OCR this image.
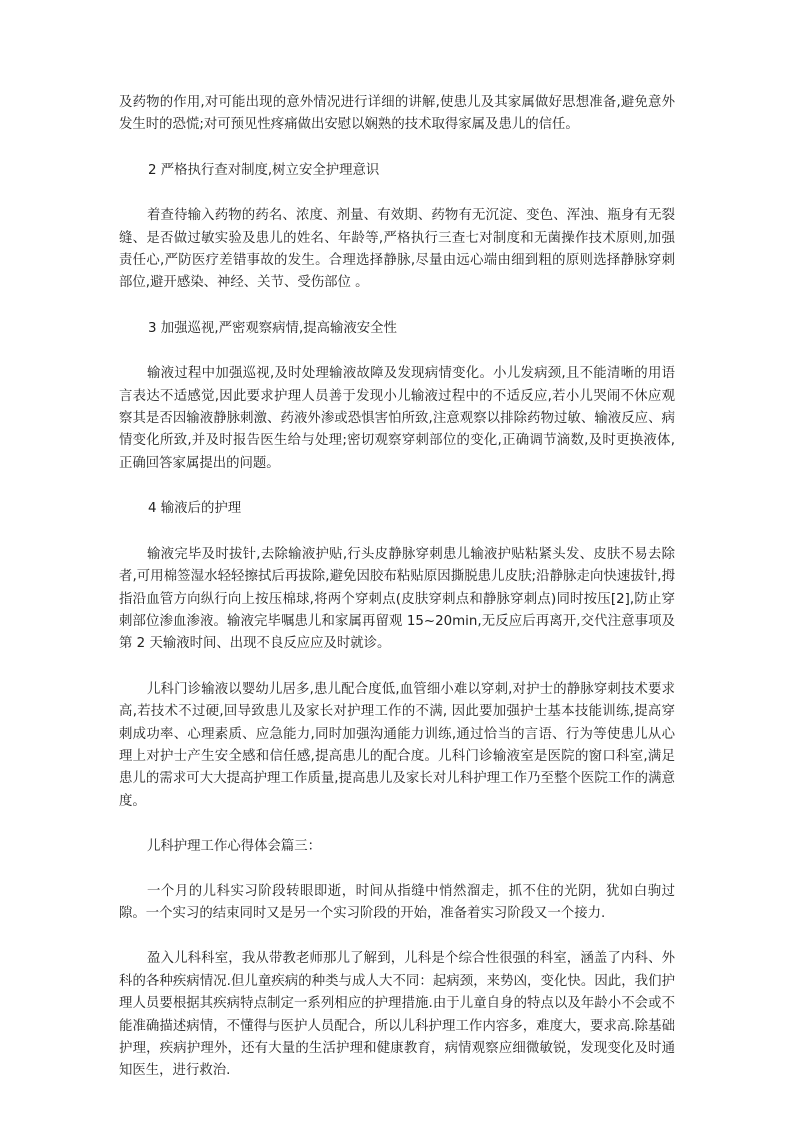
及药物的作用,对可能出现的意外情况进行详细的讲解,使患儿及其家属做好思想准备,避免意外发生时的恐慌;对可预见性疼痛做出安慰以娴熟的技术取得家属及患儿的信任。

2 严格执行查对制度,树立安全护理意识

着查待输入药物的药名、浓度、剂量、有效期、药物有无沉淀、变色、浑浊、瓶身有无裂缝、是否做过敏实验及患儿的姓名、年龄等,严格执行三查七对制度和无菌操作技术原则,加强责任心,严防医疗差错事故的发生。合理选择静脉,尽量由远心端由细到粗的原则选择静脉穿刺部位,避开感染、神经、关节、受伤部位 。

3 加强巡视,严密观察病情,提高输液安全性

输液过程中加强巡视,及时处理输液故障及发现病情变化。小儿发病颈,且不能清晰的用语言表达不适感觉,因此要求护理人员善于发现小儿输液过程中的不适反应,若小儿哭闹不休应观察其是否因输液静脉刺激、药液外渗或恐惧害怕所致,注意观察以排除药物过敏、输液反应、病情变化所致,并及时报告医生给与处理;密切观察穿刺部位的变化,正确调节滴数,及时更换液体,正确回答家属提出的问题。

4 输液后的护理

输液完毕及时拔针,去除输液护贴,行头皮静脉穿刺患儿输液护贴粘紧头发、皮肤不易去除者,可用棉签湿水轻轻擦拭后再拔除,避免因胶布粘贴原因撕脱患儿皮肤;沿静脉走向快速拔针,拇指沿血管方向纵行向上按压棉球,将两个穿刺点(皮肤穿刺点和静脉穿刺点)同时按压[2],防止穿刺部位渗血渗液。输液完毕嘱患儿和家属再留观 15~20min,无反应后再离开,交代注意事项及第 2 天输液时间、出现不良反应应及时就诊。

儿科门诊输液以婴幼儿居多,患儿配合度低,血管细小难以穿刺,对护士的静脉穿刺技术要求高,若技术不过硬,回导致患儿及家长对护理工作的不满, 因此要加强护士基本技能训练,提高穿刺成功率、心理素质、应急能力,同时加强沟通能力训练,通过恰当的言语、行为等使患儿从心理上对护士产生安全感和信任感,提高患儿的配合度。儿科门诊输液室是医院的窗口科室,满足患儿的需求可大大提高护理工作质量,提高患儿及家长对儿科护理工作乃至整个医院工作的满意度。

儿科护理工作心得体会篇三：

一个月的儿科实习阶段转眼即逝，时间从指缝中悄然溜走，抓不住的光阴，犹如白驹过隙。一个实习的结束同时又是另一个实习阶段的开始，准备着实习阶段又一个接力.

盈入儿科科室，我从带教老师那儿了解到，儿科是个综合性很强的科室，涵盖了内科、外科的各种疾病情况.但儿童疾病的种类与成人大不同：起病颈，来势凶，变化快。因此，我们护理人员要根据其疾病特点制定一系列相应的护理措施.由于儿童自身的特点以及年龄小不会或不能准确描述病情，不懂得与医护人员配合，所以儿科护理工作内容多，难度大，要求高.除基础护理，疾病护理外，还有大量的生活护理和健康教育，病情观察应细微敏锐，发现变化及时通知医生，进行救治.
